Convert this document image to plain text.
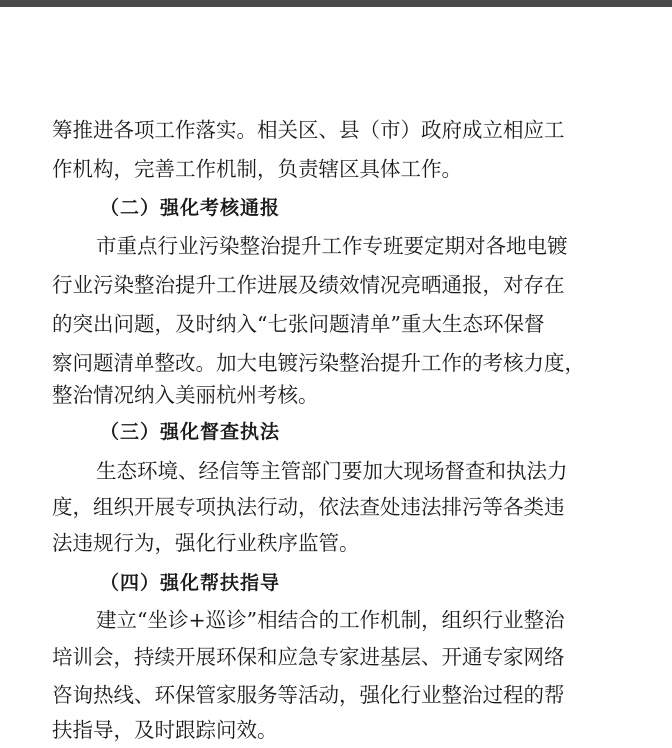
筹推进各项工作落实。相关区、县（市）政府成立相应工
作机构，完善工作机制，负责辖区具体工作。
（二）强化考核通报
市重点行业污染整治提升工作专班要定期对各地电镀
行业污染整治提升工作进展及绩效情况亮晒通报，对存在
的突出问题，及时纳入“七张问题清单”重大生态环保督
察问题清单整改。加大电镀污染整治提升工作的考核力度，
整治情况纳入美丽杭州考核。
（三）强化督查执法
生态环境、经信等主管部门要加大现场督查和执法力
度，组织开展专项执法行动，依法查处违法排污等各类违
法违规行为，强化行业秩序监管。
（四）强化帮扶指导
建立“坐诊+巡诊”相结合的工作机制，组织行业整治
培训会，持续开展环保和应急专家进基层、开通专家网络
咨询热线、环保管家服务等活动，强化行业整治过程的帮
扶指导，及时跟踪问效。
